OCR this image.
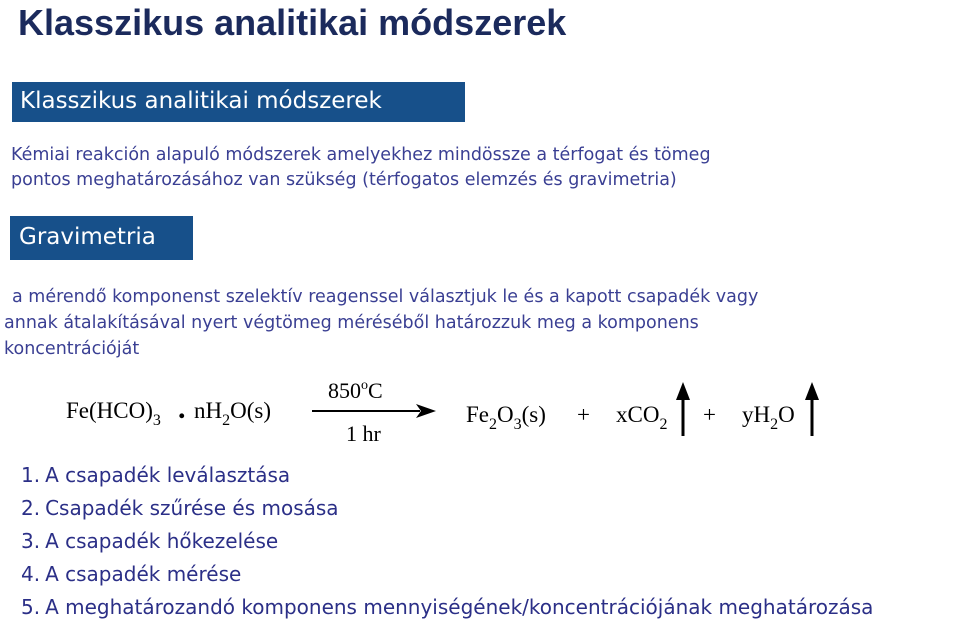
Klasszikus analitikai módszerek
Klasszikus analitikai módszerek

Kémiai reakción alapuló módszerek amelyekhez mindössze a térfogat és tömeg
pontos meghatározásához van szükség (térfogatos elemzés és gravimetria)

Gravimetria

a mérendő komponenst szelektív reagenssel választjuk le és a kapott csapadék vagy
annak átalakításával nyert végtömeg méréséből határozzuk meg a komponens
koncentrációját

$Fe(HCO)_3$ . $nH_2O(s)$
850$^o$C
1 hr
$Fe_2O_3(s) + xCO_2 + yH_2O$
1. A csapadék leválasztása
2. Csapadék szűrése és mosása
3. A csapadék hőkezelése
4. A csapadék mérése
5. A meghatározandó komponens mennyiségének/koncentrációjának meghatározása
